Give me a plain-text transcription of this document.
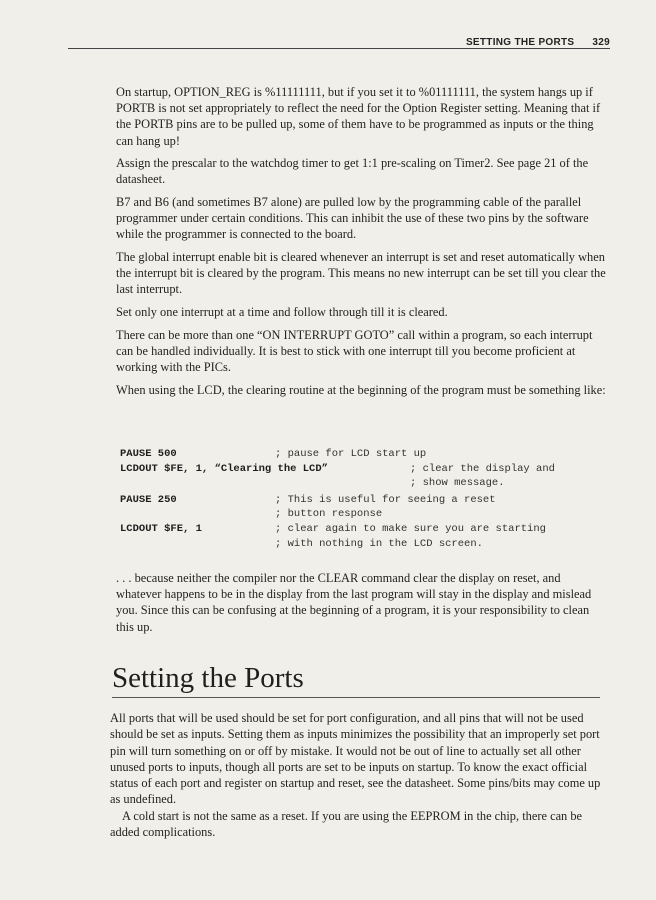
SETTING THE PORTS 329

On startup, OPTION_REG is %11111111, but if you set it to %01111111, the system hangs up if PORTB is not set appropriately to reflect the need for the Option Register setting. Meaning that if the PORTB pins are to be pulled up, some of them have to be programmed as inputs or the thing can hang up!

Assign the prescalar to the watchdog timer to get 1:1 pre-scaling on Timer2. See page 21 of the datasheet.

B7 and B6 (and sometimes B7 alone) are pulled low by the programming cable of the parallel programmer under certain conditions. This can inhibit the use of these two pins by the software while the programmer is connected to the board.

The global interrupt enable bit is cleared whenever an interrupt is set and reset automatically when the interrupt bit is cleared by the program. This means no new interrupt can be set till you clear the last interrupt.

Set only one interrupt at a time and follow through till it is cleared.

There can be more than one “ON INTERRUPT GOTO” call within a program, so each interrupt can be handled individually. It is best to stick with one interrupt till you become proficient at working with the PICs.

When using the LCD, the clearing routine at the beginning of the program must be something like:

PAUSE 500	; pause for LCD start up
LCDOUT $FE, 1, “Clearing the LCD”	; clear the display and
; show message.
PAUSE 250	; This is useful for seeing a reset
; button response
LCDOUT $FE, 1	; clear again to make sure you are starting
; with nothing in the LCD screen.

. . . because neither the compiler nor the CLEAR command clear the display on reset, and whatever happens to be in the display from the last program will stay in the display and mislead you. Since this can be confusing at the beginning of a program, it is your responsibility to clean this up.

Setting the Ports

All ports that will be used should be set for port configuration, and all pins that will not be used should be set as inputs. Setting them as inputs minimizes the possibility that an improperly set port pin will turn something on or off by mistake. It would not be out of line to actually set all other unused ports to inputs, though all ports are set to be inputs on startup. To know the exact official status of each port and register on startup and reset, see the datasheet. Some pins/bits may come up as undefined.

A cold start is not the same as a reset. If you are using the EEPROM in the chip, there can be added complications.
